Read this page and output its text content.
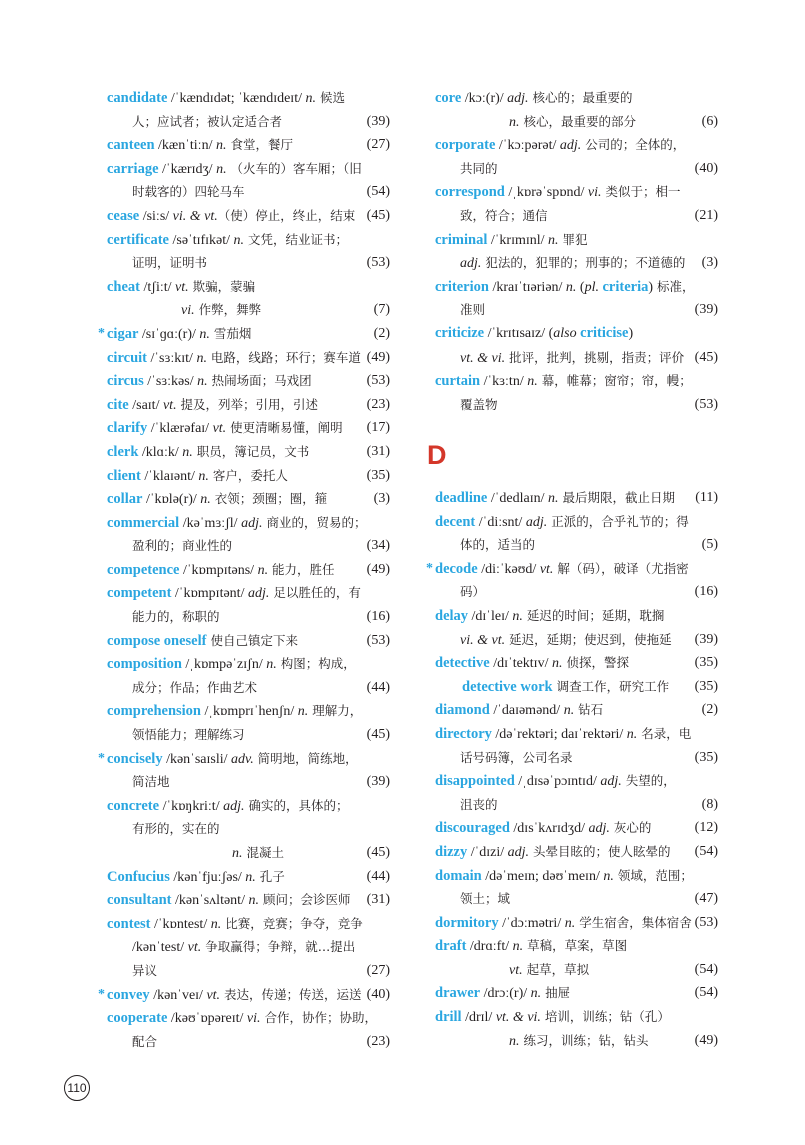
candidate /ˈkændɪdət; ˈkændɪdeɪt/ n. 候选
人；应试者；被认定适合者	(39)
canteen /kænˈtiːn/ n. 食堂，餐厅	(27)
carriage /ˈkærɪdʒ/ n. （火车的）客车厢；（旧
时载客的）四轮马车	(54)
cease /siːs/ vi. & vt.（使）停止，终止，结束 (45)
certificate /səˈtɪfɪkət/ n. 文凭，结业证书；
证明，证明书	(53)
cheat /tʃiːt/ vt. 欺骗，蒙骗
vi. 作弊，舞弊	(7)
* cigar /sɪˈɡɑː(r)/ n. 雪茄烟	(2)
circuit /ˈsɜːkɪt/ n. 电路，线路；环行；赛车道 (49)
circus /ˈsɜːkəs/ n. 热闹场面；马戏团	(53)
cite /saɪt/ vt. 提及，列举；引用，引述	(23)
clarify /ˈklærəfaɪ/ vt. 使更清晰易懂，阐明 (17)
clerk /klɑːk/ n. 职员，簿记员，文书	(31)
client /ˈklaɪənt/ n. 客户，委托人	(35)
collar /ˈkɒlə(r)/ n. 衣领；颈圈；圈，箍	(3)
commercial /kəˈmɜːʃl/ adj. 商业的，贸易的；
盈利的；商业性的	(34)
competence /ˈkɒmpɪtəns/ n. 能力，胜任 (49)
competent /ˈkɒmpɪtənt/ adj. 足以胜任的，有
能力的，称职的	(16)
compose oneself 使自己镇定下来	(53)
composition /ˌkɒmpəˈzɪʃn/ n. 构图；构成，
成分；作品；作曲艺术	(44)
comprehension /ˌkɒmprɪˈhenʃn/ n. 理解力，
领悟能力；理解练习	(45)
* concisely /kənˈsaɪsli/ adv. 简明地，简练地，
简洁地	(39)
concrete /ˈkɒŋkriːt/ adj. 确实的，具体的；
有形的，实在的
n. 混凝土	(45)
Confucius /kənˈfjuːʃəs/ n. 孔子	(44)
consultant /kənˈsʌltənt/ n. 顾问；会诊医师 (31)
contest /ˈkɒntest/ n. 比赛，竞赛；争夺，竞争
/kənˈtest/ vt. 争取赢得；争辩，就…提出
异议	(27)
* convey /kənˈveɪ/ vt. 表达，传递；传送，运送 (40)
cooperate /kəʊˈɒpəreɪt/ vi. 合作，协作；协助，
配合	(23)
core /kɔː(r)/ adj. 核心的；最重要的
n. 核心，最重要的部分	(6)
corporate /ˈkɔːpərət/ adj. 公司的；全体的，
共同的	(40)
correspond /ˌkɒrəˈspɒnd/ vi. 类似于；相一
致，符合；通信	(21)
criminal /ˈkrɪmɪnl/ n. 罪犯
adj. 犯法的，犯罪的；刑事的；不道德的 (3)
criterion /kraɪˈtɪəriən/ n. (pl. criteria) 标准，
准则	(39)
criticize /ˈkrɪtɪsaɪz/ (also criticise)
vt. & vi. 批评，批判，挑剔，指责；评价 (45)
curtain /ˈkɜːtn/ n. 幕，帷幕；窗帘；帘，幔；
覆盖物	(53)
D
deadline /ˈdedlaɪn/ n. 最后期限，截止日期 (11)
decent /ˈdiːsnt/ adj. 正派的，合乎礼节的；得
体的，适当的	(5)
* decode /diːˈkəʊd/ vt. 解（码），破译（尤指密
码）	(16)
delay /dɪˈleɪ/ n. 延迟的时间；延期，耽搁
vi. & vt. 延迟，延期；使迟到，使拖延 (39)
detective /dɪˈtektɪv/ n. 侦探，警探	(35)
detective work 调查工作，研究工作 (35)
diamond /ˈdaɪəmənd/ n. 钻石	(2)
directory /dəˈrektəri; daɪˈrektəri/ n. 名录，电
话号码簿，公司名录	(35)
disappointed /ˌdɪsəˈpɔɪntɪd/ adj. 失望的，
沮丧的	(8)
discouraged /dɪsˈkʌrɪdʒd/ adj. 灰心的	(12)
dizzy /ˈdɪzi/ adj. 头晕目眩的；使人眩晕的 (54)
domain /dəˈmeɪn; dəʊˈmeɪn/ n. 领域，范围；
领土；域	(47)
dormitory /ˈdɔːmətri/ n. 学生宿舍，集体宿舍 (53)
draft /drɑːft/ n. 草稿，草案，草图
vt. 起草，草拟	(54)
drawer /drɔː(r)/ n. 抽屉	(54)
drill /drɪl/ vt. & vi. 培训，训练；钻（孔）
n. 练习，训练；钻，钻头	(49)
110
